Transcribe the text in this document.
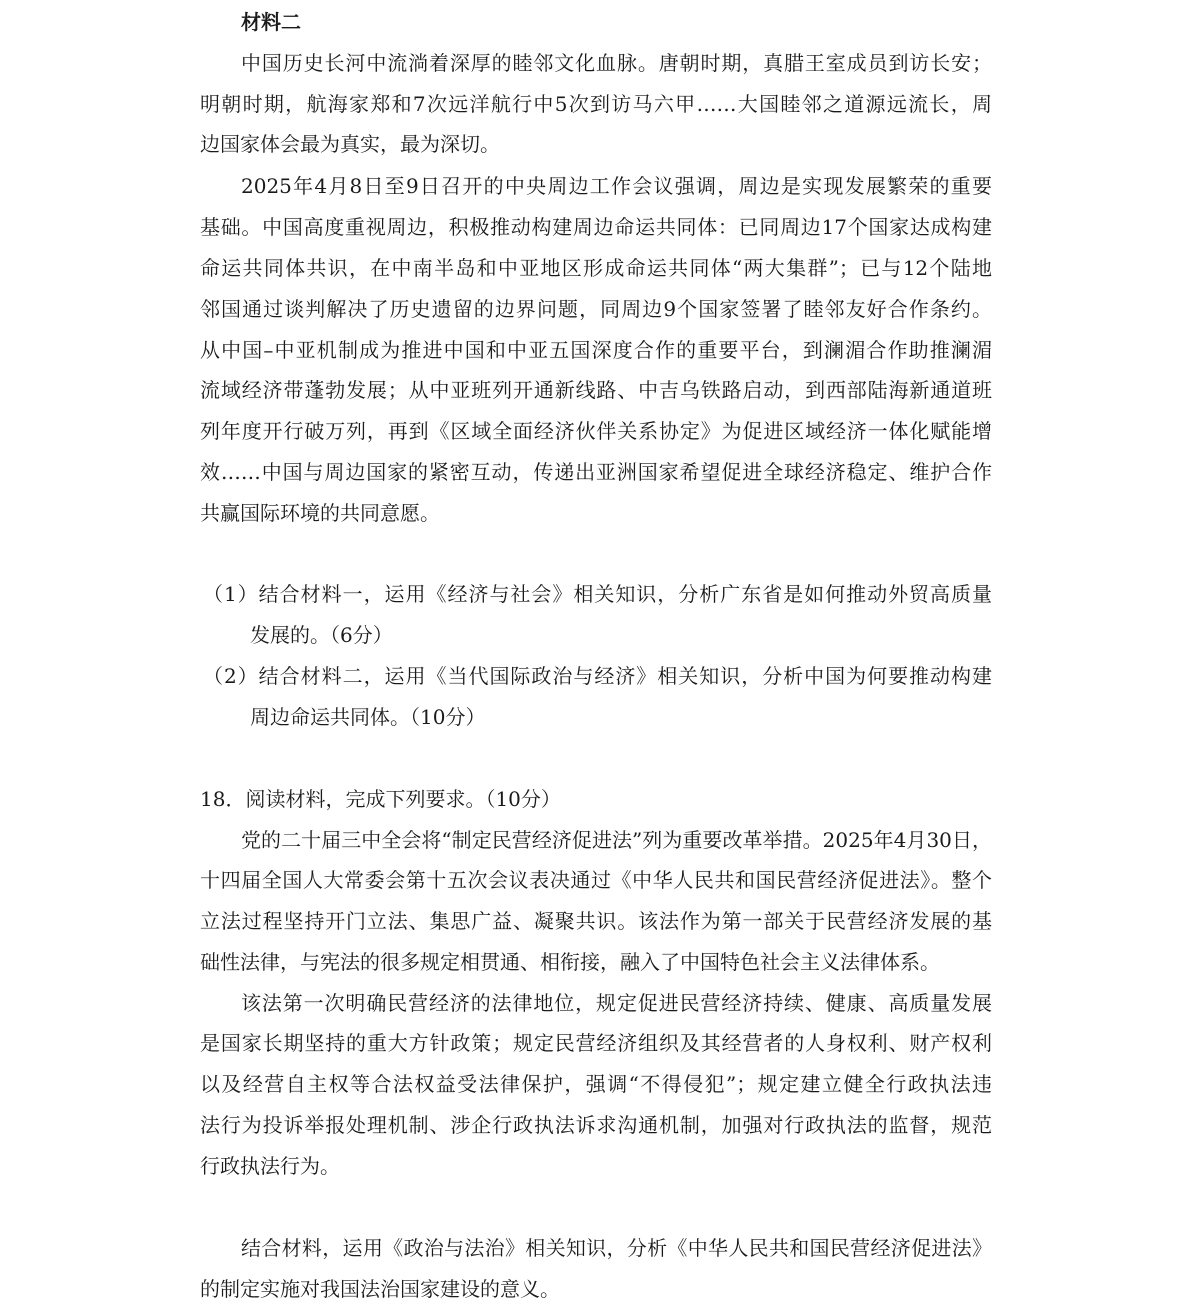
材料二
中国历史长河中流淌着深厚的睦邻文化血脉。唐朝时期，真腊王室成员到访长安；
明朝时期，航海家郑和7次远洋航行中5次到访马六甲……大国睦邻之道源远流长，周
边国家体会最为真实，最为深切。
2025年4月8日至9日召开的中央周边工作会议强调，周边是实现发展繁荣的重要
基础。中国高度重视周边，积极推动构建周边命运共同体：已同周边17个国家达成构建
命运共同体共识，在中南半岛和中亚地区形成命运共同体“两大集群”；已与12个陆地
邻国通过谈判解决了历史遗留的边界问题，同周边9个国家签署了睦邻友好合作条约。
从中国–中亚机制成为推进中国和中亚五国深度合作的重要平台，到澜湄合作助推澜湄
流域经济带蓬勃发展；从中亚班列开通新线路、中吉乌铁路启动，到西部陆海新通道班
列年度开行破万列，再到《区域全面经济伙伴关系协定》为促进区域经济一体化赋能增
效……中国与周边国家的紧密互动，传递出亚洲国家希望促进全球经济稳定、维护合作
共赢国际环境的共同意愿。
（1）结合材料一，运用《经济与社会》相关知识，分析广东省是如何推动外贸高质量
发展的。（6分）
（2）结合材料二，运用《当代国际政治与经济》相关知识，分析中国为何要推动构建
周边命运共同体。（10分）
18．阅读材料，完成下列要求。（10分）
党的二十届三中全会将“制定民营经济促进法”列为重要改革举措。2025年4月30日，
十四届全国人大常委会第十五次会议表决通过《中华人民共和国民营经济促进法》。整个
立法过程坚持开门立法、集思广益、凝聚共识。该法作为第一部关于民营经济发展的基
础性法律，与宪法的很多规定相贯通、相衔接，融入了中国特色社会主义法律体系。
该法第一次明确民营经济的法律地位，规定促进民营经济持续、健康、高质量发展
是国家长期坚持的重大方针政策；规定民营经济组织及其经营者的人身权利、财产权利
以及经营自主权等合法权益受法律保护，强调“不得侵犯”；规定建立健全行政执法违
法行为投诉举报处理机制、涉企行政执法诉求沟通机制，加强对行政执法的监督，规范
行政执法行为。
结合材料，运用《政治与法治》相关知识，分析《中华人民共和国民营经济促进法》
的制定实施对我国法治国家建设的意义。
